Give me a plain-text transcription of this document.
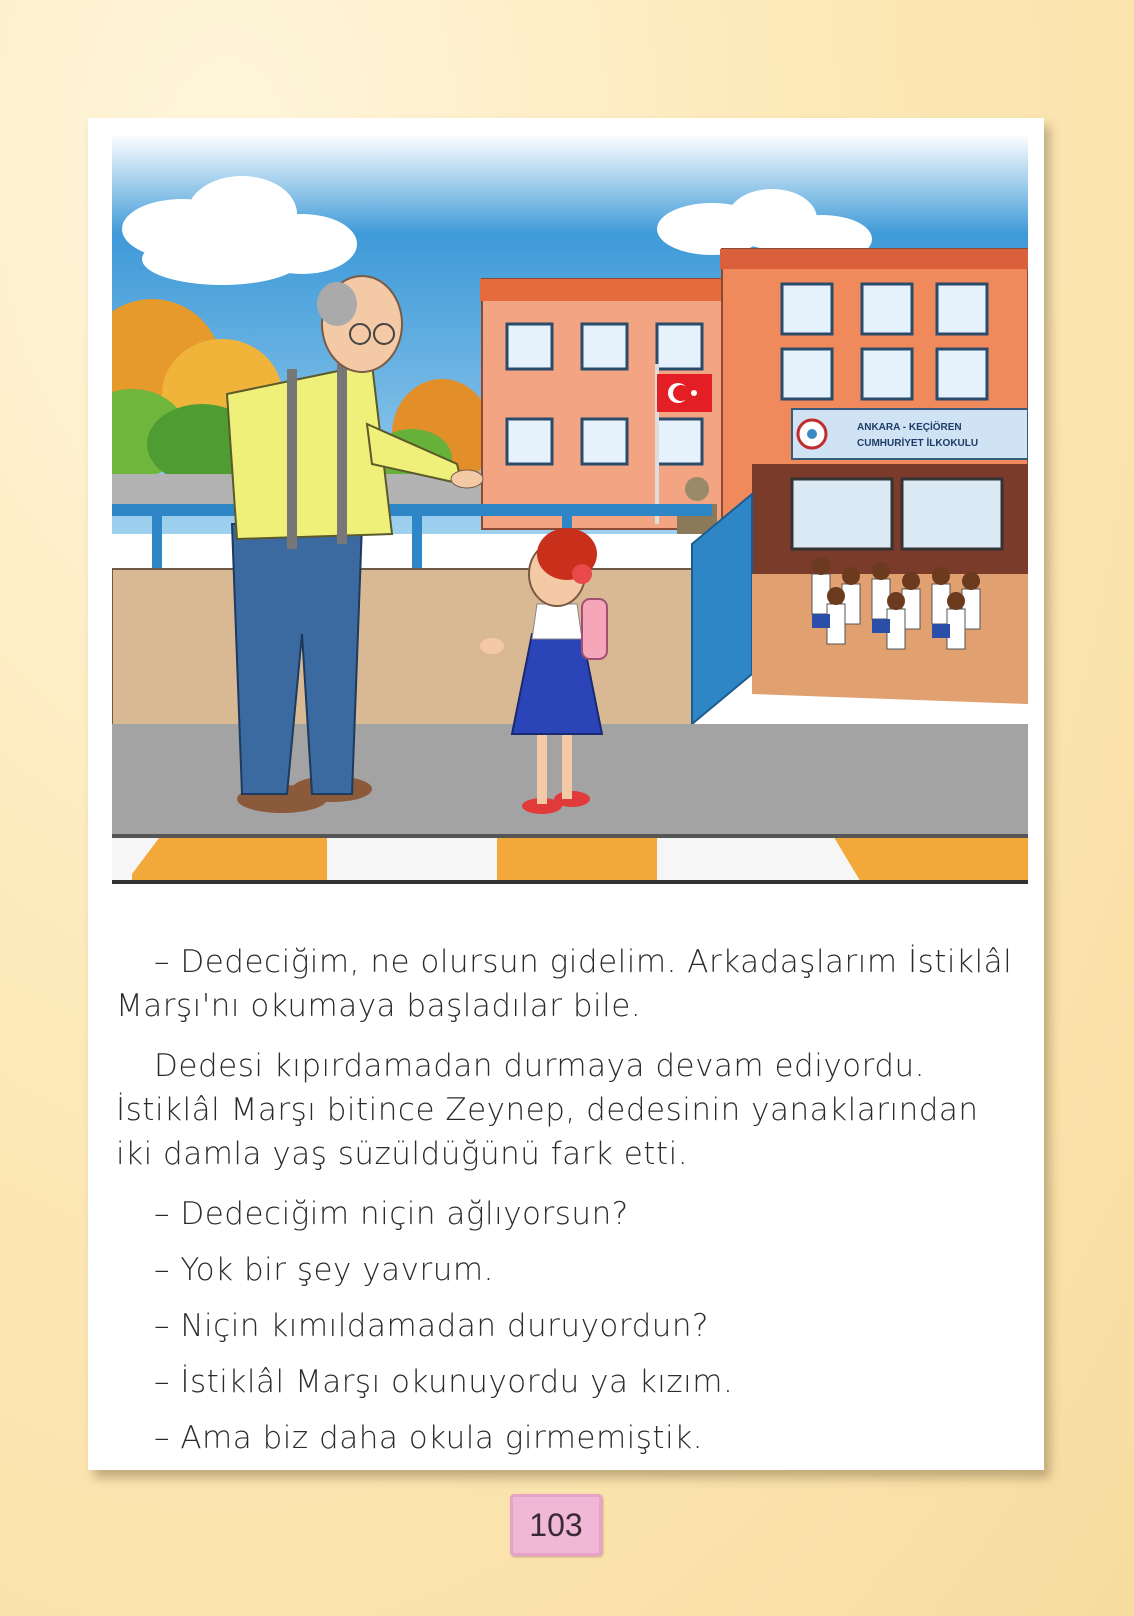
ANKARA - KEÇİÖREN
CUMHURİYET İLKOKULU

– Dedeciğim, ne olursun gidelim. Arkadaşlarım İstiklâl Marşı'nı okumaya başladılar bile.

Dedesi kıpırdamadan durmaya devam ediyordu. İstiklâl Marşı bitince Zeynep, dedesinin yanaklarından iki damla yaş süzüldüğünü fark etti.

– Dedeciğim niçin ağlıyorsun?

– Yok bir şey yavrum.

– Niçin kımıldamadan duruyordun?

– İstiklâl Marşı okunuyordu ya kızım.

– Ama biz daha okula girmemiştik.

103
